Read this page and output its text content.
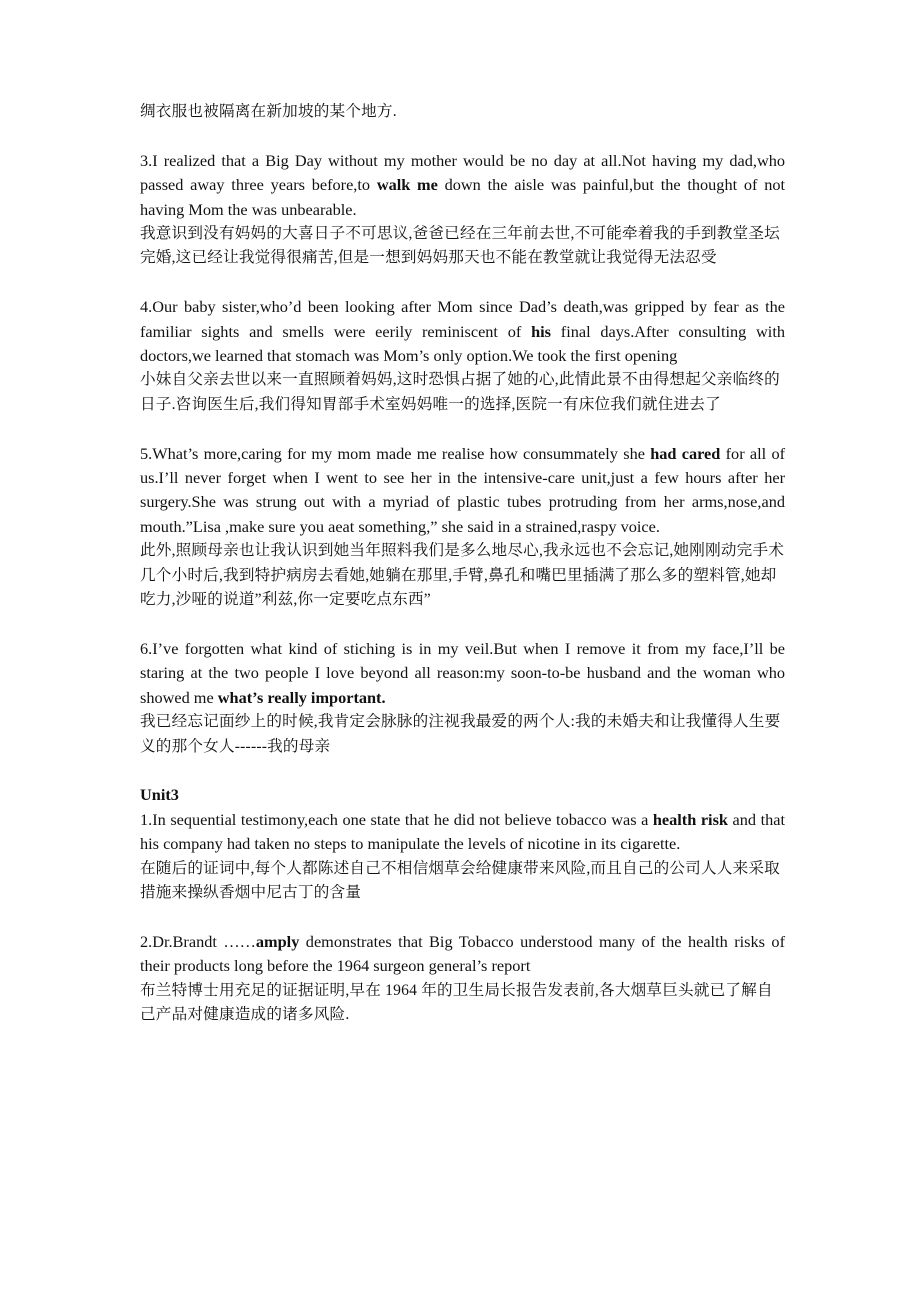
绸衣服也被隔离在新加坡的某个地方.

3.I realized that a Big Day without my mother would be no day at all.Not having my dad,who passed away three years before,to walk me down the aisle was painful,but the thought of not having Mom the was unbearable.

我意识到没有妈妈的大喜日子不可思议,爸爸已经在三年前去世,不可能牵着我的手到教堂圣坛完婚,这已经让我觉得很痛苦,但是一想到妈妈那天也不能在教堂就让我觉得无法忍受

4.Our baby sister,who’d been looking after Mom since Dad’s death,was gripped by fear as the familiar sights and smells were eerily reminiscent of his final days.After consulting with doctors,we learned that stomach was Mom’s only option.We took the first opening

小妹自父亲去世以来一直照顾着妈妈,这时恐惧占据了她的心,此情此景不由得想起父亲临终的日子.咨询医生后,我们得知胃部手术室妈妈唯一的选择,医院一有床位我们就住进去了

5.What’s more,caring for my mom made me realise how consummately she had cared for all of us.I’ll never forget when I went to see her in the intensive-care unit,just a few hours after her surgery.She was strung out with a myriad of plastic tubes protruding from her arms,nose,and mouth.”Lisa ,make sure you aeat something,” she said in a strained,raspy voice.

此外,照顾母亲也让我认识到她当年照料我们是多么地尽心,我永远也不会忘记,她刚刚动完手术几个小时后,我到特护病房去看她,她躺在那里,手臂,鼻孔和嘴巴里插满了那么多的塑料管,她却吃力,沙哑的说道”利兹,你一定要吃点东西”

6.I’ve forgotten what kind of stiching is in my veil.But when I remove it from my face,I’ll be staring at the two people I love beyond all reason:my soon-to-be husband and the woman who showed me what’s really important.

我已经忘记面纱上的时候,我肯定会脉脉的注视我最爱的两个人:我的未婚夫和让我懂得人生要义的那个女人------我的母亲

Unit3

1.In sequential testimony,each one state that he did not believe tobacco was a health risk and that his company had taken no steps to manipulate the levels of nicotine in its cigarette.

在随后的证词中,每个人都陈述自己不相信烟草会给健康带来风险,而且自己的公司人人来采取措施来操纵香烟中尼古丁的含量

2.Dr.Brandt ……amply demonstrates that Big Tobacco understood many of the health risks of their products long before the 1964 surgeon general’s report

布兰特博士用充足的证据证明,早在 1964 年的卫生局长报告发表前,各大烟草巨头就已了解自己产品对健康造成的诸多风险.
